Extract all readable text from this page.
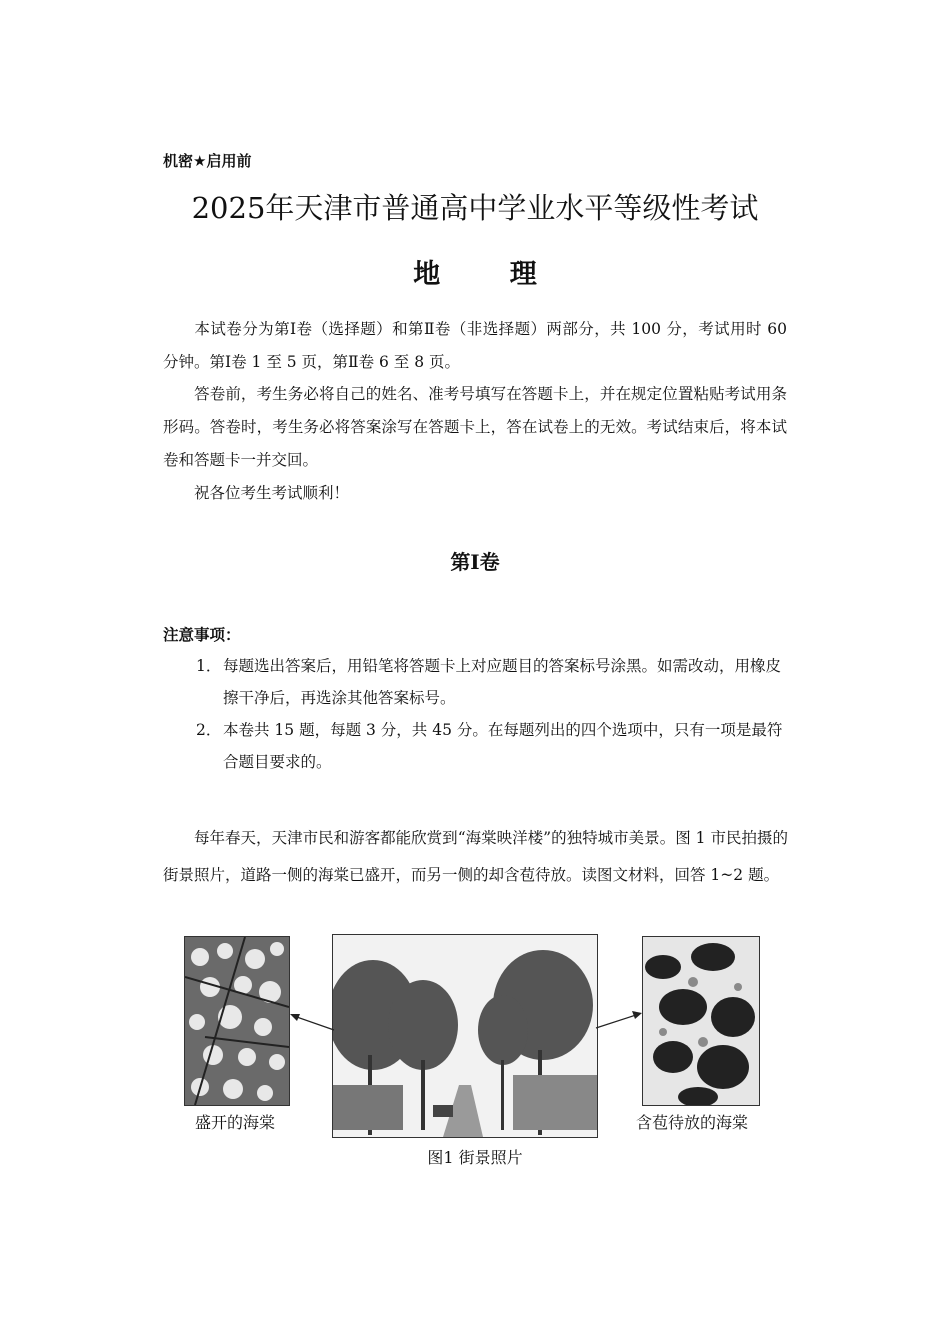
机密★启用前
2025年天津市普通高中学业水平等级性考试
地 理
本试卷分为第Ⅰ卷（选择题）和第Ⅱ卷（非选择题）两部分，共 100 分，考试用时 60 分钟。第Ⅰ卷 1 至 5 页，第Ⅱ卷 6 至 8 页。
答卷前，考生务必将自己的姓名、准考号填写在答题卡上，并在规定位置粘贴考试用条形码。答卷时，考生务必将答案涂写在答题卡上，答在试卷上的无效。考试结束后，将本试卷和答题卡一并交回。
祝各位考生考试顺利！
第Ⅰ卷
注意事项：
1． 每题选出答案后，用铅笔将答题卡上对应题目的答案标号涂黑。如需改动，用橡皮擦干净后，再选涂其他答案标号。
2． 本卷共 15 题，每题 3 分，共 45 分。在每题列出的四个选项中，只有一项是最符合题目要求的。
每年春天，天津市民和游客都能欣赏到“海棠映洋楼”的独特城市美景。图 1 市民拍摄的街景照片，道路一侧的海棠已盛开，而另一侧的却含苞待放。读图文材料，回答 1~2 题。
盛开的海棠	含苞待放的海棠
图1 街景照片
